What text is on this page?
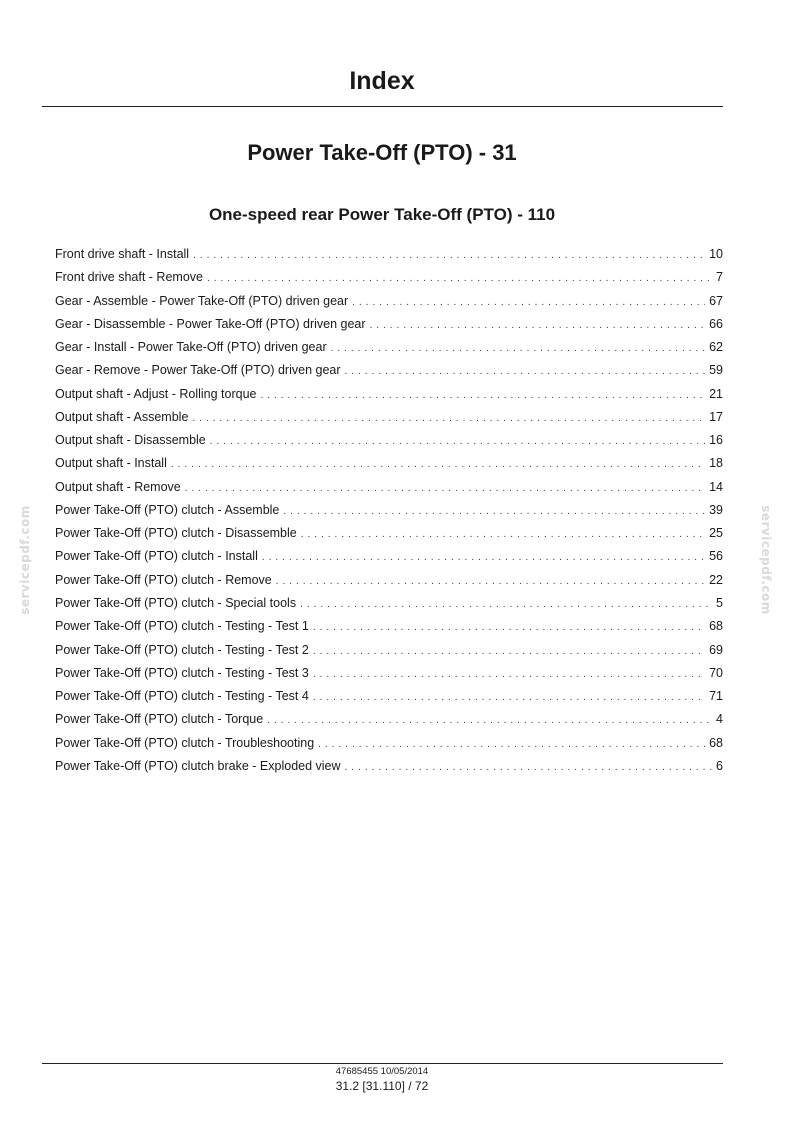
Index
Power Take-Off (PTO) - 31
One-speed rear Power Take-Off (PTO) - 110
Front drive shaft - Install . . .	10
Front drive shaft - Remove . . .	7
Gear - Assemble - Power Take-Off (PTO) driven gear . . .	67
Gear - Disassemble - Power Take-Off (PTO) driven gear . . .	66
Gear - Install - Power Take-Off (PTO) driven gear . . .	62
Gear - Remove - Power Take-Off (PTO) driven gear . . .	59
Output shaft - Adjust - Rolling torque . . .	21
Output shaft - Assemble . . .	17
Output shaft - Disassemble . . .	16
Output shaft - Install . . .	18
Output shaft - Remove . . .	14
Power Take-Off (PTO) clutch - Assemble . . .	39
Power Take-Off (PTO) clutch - Disassemble . . .	25
Power Take-Off (PTO) clutch - Install . . .	56
Power Take-Off (PTO) clutch - Remove . . .	22
Power Take-Off (PTO) clutch - Special tools . . .	5
Power Take-Off (PTO) clutch - Testing - Test 1 . . .	68
Power Take-Off (PTO) clutch - Testing - Test 2 . . .	69
Power Take-Off (PTO) clutch - Testing - Test 3 . . .	70
Power Take-Off (PTO) clutch - Testing - Test 4 . . .	71
Power Take-Off (PTO) clutch - Torque . . .	4
Power Take-Off (PTO) clutch - Troubleshooting . . .	68
Power Take-Off (PTO) clutch brake - Exploded view . . .	6
servicepdf.com	servicepdf.com
47685455 10/05/2014
31.2 [31.110] / 72
